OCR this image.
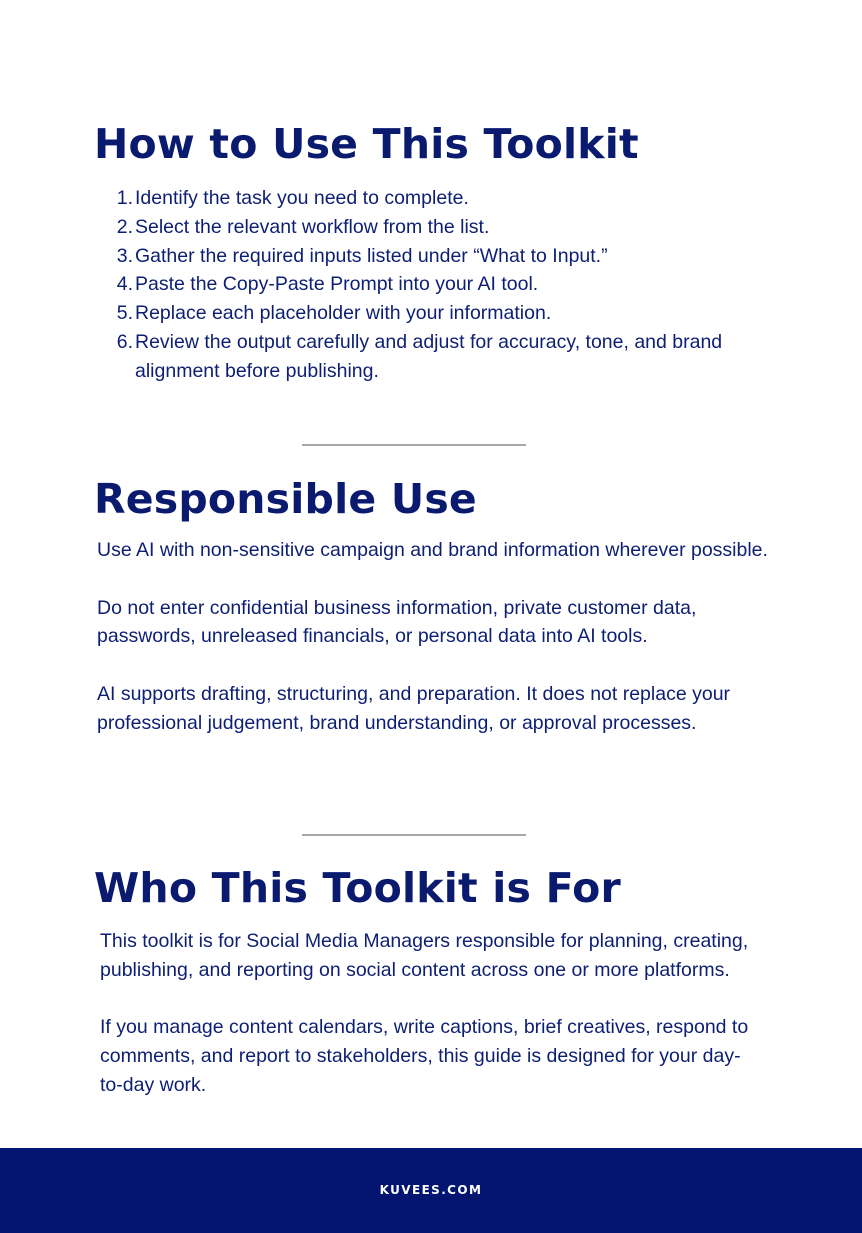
How to Use This Toolkit
Identify the task you need to complete.
Select the relevant workflow from the list.
Gather the required inputs listed under “What to Input.”
Paste the Copy-Paste Prompt into your AI tool.
Replace each placeholder with your information.
Review the output carefully and adjust for accuracy, tone, and brand alignment before publishing.
Responsible Use

Use AI with non-sensitive campaign and brand information wherever possible.

Do not enter confidential business information, private customer data, passwords, unreleased financials, or personal data into AI tools.

AI supports drafting, structuring, and preparation. It does not replace your professional judgement, brand understanding, or approval processes.

Who This Toolkit is For

This toolkit is for Social Media Managers responsible for planning, creating, publishing, and reporting on social content across one or more platforms.

If you manage content calendars, write captions, brief creatives, respond to comments, and report to stakeholders, this guide is designed for your day-to-day work.

KUVEES.COM
